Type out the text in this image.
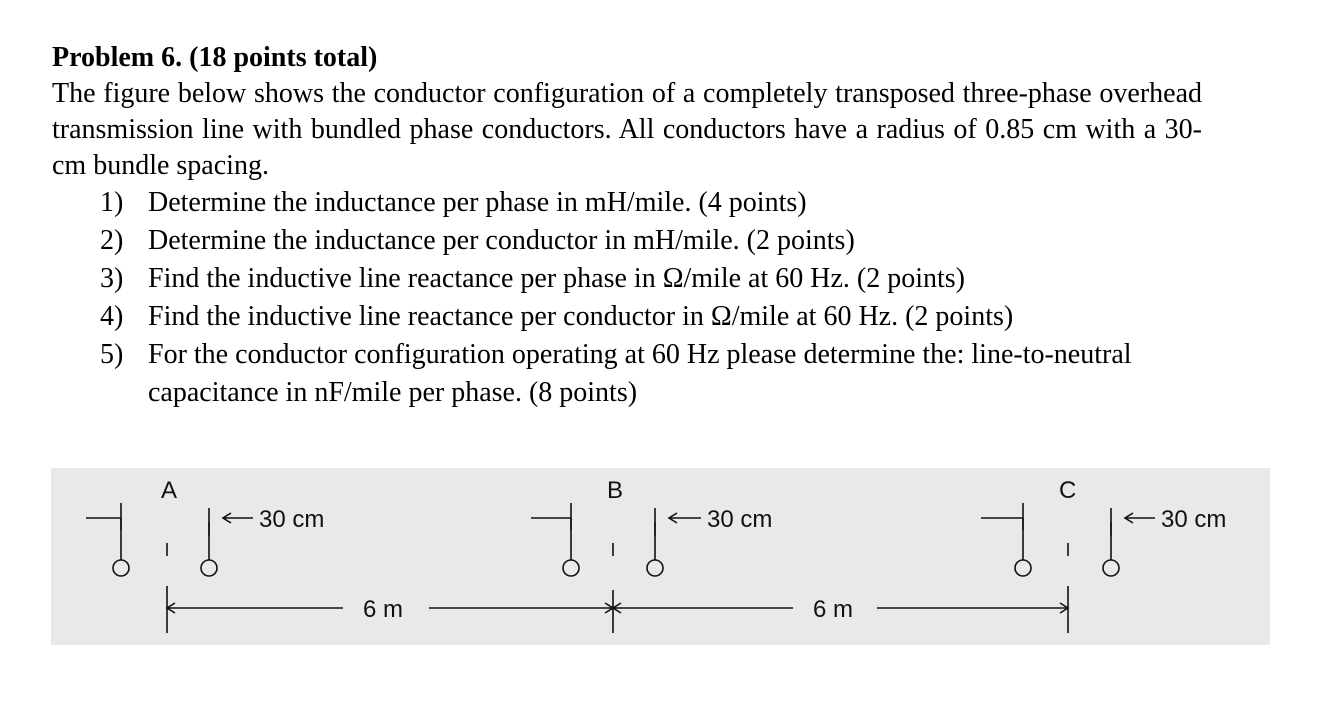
Problem 6. (18 points total)

The figure below shows the conductor configuration of a completely transposed three-phase overhead transmission line with bundled phase conductors. All conductors have a radius of 0.85 cm with a 30-cm bundle spacing.

1) Determine the inductance per phase in mH/mile. (4 points)
2) Determine the inductance per conductor in mH/mile. (2 points)
3) Find the inductive line reactance per phase in Ω/mile at 60 Hz. (2 points)
4) Find the inductive line reactance per conductor in Ω/mile at 60 Hz. (2 points)
5) For the conductor configuration operating at 60 Hz please determine the: line-to-neutral capacitance in nF/mile per phase. (8 points)
A	B	C
30 cm	30 cm	30 cm
6 m	6 m
